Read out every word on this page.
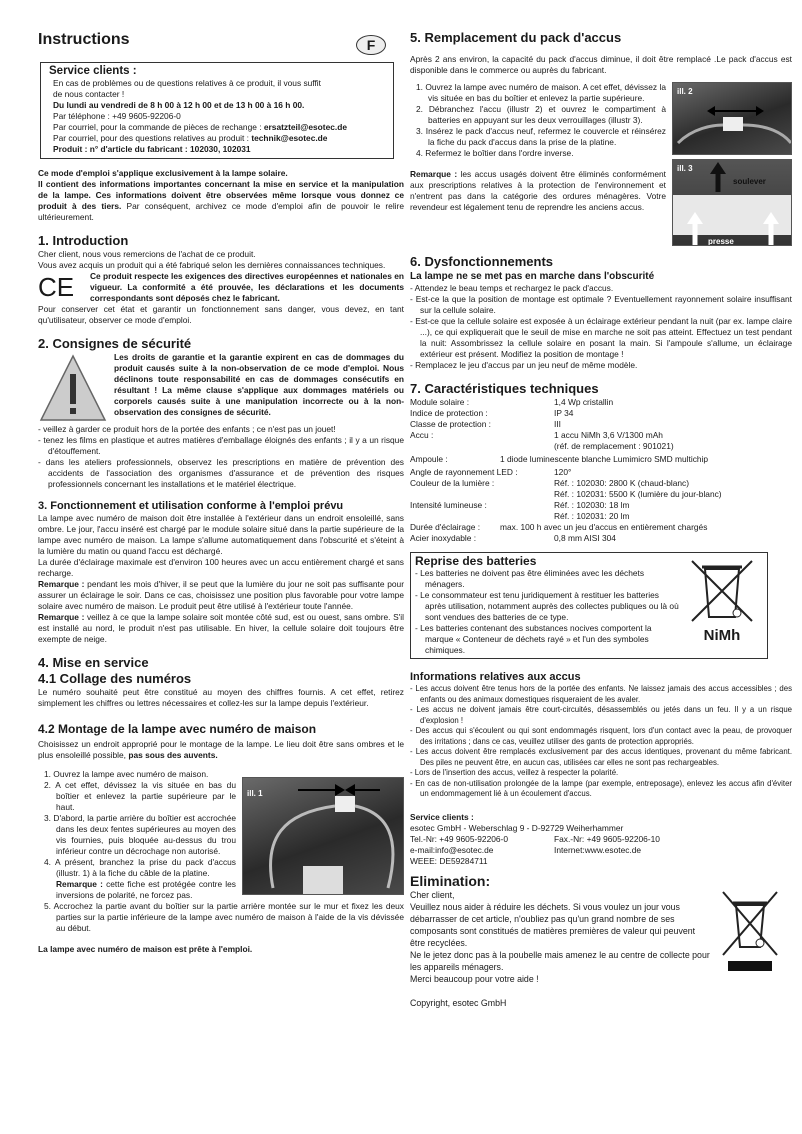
Instructions	F
Service clients :
En cas de problèmes ou de questions relatives à ce produit, il vous suffit
de nous contacter !
Du lundi au vendredi de 8 h 00 à 12 h 00 et de 13 h 00 à 16 h 00.
Par téléphone : +49 9605-92206-0
Par courriel, pour la commande de pièces de rechange : ersatzteil@esotec.de
Par courriel, pour des questions relatives au produit : technik@esotec.de
Produit : n° d'article du fabricant : 102030, 102031
Ce mode d'emploi s'applique exclusivement à la lampe solaire.
Il contient des informations importantes concernant la mise en service et la manipulation de la lampe. Ces informations doivent être observées même lorsque vous donnez ce produit à des tiers. Par conséquent, archivez ce mode d'emploi afin de pouvoir le relire ultérieurement.
1. Introduction
Cher client, nous vous remercions de l'achat de ce produit.
Vous avez acquis un produit qui a été fabriqué selon les dernières connaissances techniques.
CE	Ce produit respecte les exigences des directives européennes et nationales en vigueur. La conformité a été prouvée, les déclarations et les documents correspondants sont déposés chez le fabricant.
Pour conserver cet état et garantir un fonctionnement sans danger, vous devez, en tant qu'utilisateur, observer ce mode d'emploi.
2. Consignes de sécurité
Les droits de garantie et la garantie expirent en cas de dommages du produit causés suite à la non-observation de ce mode d'emploi. Nous déclinons toute responsabilité en cas de dommages consécutifs en résultant ! La même clause s'applique aux dommages matériels ou corporels causés suite à une manipulation incorrecte ou à la non-observation des consignes de sécurité.
- veillez à garder ce produit hors de la portée des enfants ; ce n'est pas un jouet!
- tenez les films en plastique et autres matières d'emballage éloignés des enfants ; il y a un risque d'étouffement.
- dans les ateliers professionnels, observez les prescriptions en matière de prévention des accidents de l'association des organismes d'assurance et de prévention des risques professionnels concernant les installations et le matériel électrique.
3. Fonctionnement et utilisation conforme à l'emploi prévu
La lampe avec numéro de maison doit être installée à l'extérieur dans un endroit ensoleillé, sans ombre. Le jour, l'accu inséré est chargé par le module solaire situé dans la partie supérieure de la lampe avec numéro de maison. La lampe s'allume automatiquement dans l'obscurité et s'éteint à la lumière du matin ou quand l'accu est déchargé.
La durée d'éclairage maximale est d'environ 100 heures avec un accu entièrement chargé et sans recharge.
Remarque : pendant les mois d'hiver, il se peut que la lumière du jour ne soit pas suffisante pour assurer un éclairage le soir. Dans ce cas, choisissez une position plus favorable pour votre lampe solaire avec numéro de maison. Le produit peut être utilisé à l'extérieur toute l'année.
Remarque : veillez à ce que la lampe solaire soit montée côté sud, est ou ouest, sans ombre. S'il est installé au nord, le produit n'est pas utilisable. En hiver, la cellule solaire doit toujours être exempte de neige.
4. Mise en service
4.1 Collage des numéros
Le numéro souhaité peut être constitué au moyen des chiffres fournis. A cet effet, retirez simplement les chiffres ou lettres nécessaires et collez-les sur la lampe depuis l'extérieur.
4.2 Montage de la lampe avec numéro de maison
Choisissez un endroit approprié pour le montage de la lampe. Le lieu doit être sans ombres et le plus ensoleillé possible, pas sous des auvents.
1. Ouvrez la lampe avec numéro de maison.
2. A cet effet, dévissez la vis située en bas du boîtier et enlevez la partie supérieure par le haut.
3. D'abord, la partie arrière du boîtier est accrochée dans les deux fentes supérieures au moyen des vis fournies, puis bloquée au-dessus du trou inférieur contre un décrochage non autorisé.
4. A présent, branchez la prise du pack d'accus (illustr. 1) à la fiche du câble de la platine.
Remarque : cette fiche est protégée contre les inversions de polarité, ne forcez pas.
ill. 1
5. Accrochez la partie avant du boîtier sur la partie arrière montée sur le mur et fixez les deux parties sur la partie inférieure de la lampe avec numéro de maison à l'aide de la vis dévissée au début.
La lampe avec numéro de maison est prête à l'emploi.
5. Remplacement du pack d'accus
Après 2 ans environ, la capacité du pack d'accus diminue, il doit être remplacé .Le pack d'accus est disponible dans le commerce ou auprès du fabricant.
1. Ouvrez la lampe avec numéro de maison. A cet effet, dévissez la vis située en bas du boîtier et enlevez la partie supérieure.
2. Débranchez l'accu (illustr 2) et ouvrez le compartiment à batteries en appuyant sur les deux verrouillages (illustr 3).
3. Insérez le pack d'accus neuf, refermez le couvercle et réinsérez la fiche du pack d'accus dans la prise de la platine.
4. Refermez le boîtier dans l'ordre inverse.
Remarque : les accus usagés doivent être éliminés conformément aux prescriptions relatives à la protection de l'environnement et n'entrent pas dans la catégorie des ordures ménagères. Votre revendeur est légalement tenu de reprendre les anciens accus.
ill. 2
ill. 3
soulever
presse
6. Dysfonctionnements
La lampe ne se met pas en marche dans l'obscurité
- Attendez le beau temps et rechargez le pack d'accus.
- Est-ce la que la position de montage est optimale ? Eventuellement rayonnement solaire insuffisant sur la cellule solaire.
- Est-ce que la cellule solaire est exposée à un éclairage extérieur pendant la nuit (par ex. lampe claire ...), ce qui expliquerait que le seuil de mise en marche ne soit pas atteint. Effectuez un test pendant la nuit: Assombrissez la cellule solaire en posant la main. Si l'ampoule s'allume, un éclairage extérieur est présent. Modifiez la position de montage !
- Remplacez le jeu d'accus par un jeu neuf de même modèle.
7. Caractéristiques techniques
Module solaire :	1,4 Wp cristallin
Indice de protection :	IP 34
Classe de protection :	III
Accu :	1 accu NiMh 3,6 V/1300 mAh
(réf. de remplacement : 901021)
Ampoule :	1 diode luminescente blanche Lumimicro SMD multichip
Angle de rayonnement LED :	120°
Couleur de la lumière :	Réf. : 102030: 2800 K (chaud-blanc)
Réf. : 102031: 5500 K (lumière du jour-blanc)
Intensité lumineuse :	Réf. : 102030: 18 lm
Réf. : 102031: 20 lm
Durée d'éclairage :	max. 100 h avec un jeu d'accus en entièrement chargés
Acier inoxydable :	0,8 mm AISI 304
Reprise des batteries
- Les batteries ne doivent pas être éliminées avec les déchets ménagers.
- Le consommateur est tenu juridiquement à restituer les batteries après utilisation, notamment auprès des collectes publiques ou là où sont vendues des batteries de ce type.
- Les batteries contenant des substances nocives comportent la marque « Conteneur de déchets rayé » et l'un des symboles chimiques.
NiMh
Informations relatives aux accus
- Les accus doivent être tenus hors de la portée des enfants. Ne laissez jamais des accus accessibles ; des enfants ou des animaux domestiques risqueraient de les avaler.
- Les accus ne doivent jamais être court-circuités, désassemblés ou jetés dans un feu. Il y a un risque d'explosion !
- Des accus qui s'écoulent ou qui sont endommagés risquent, lors d'un contact avec la peau, de provoquer des irritations ; dans ce cas, veuillez utiliser des gants de protection appropriés.
- Les accus doivent être remplacés exclusivement par des accus identiques, provenant du même fabricant. Des piles ne peuvent être, en aucun cas, utilisées car elles ne sont pas rechargeables.
- Lors de l'insertion des accus, veillez à respecter la polarité.
- En cas de non-utilisation prolongée de la lampe (par exemple, entreposage), enlevez les accus afin d'éviter un endommagement lié à un écoulement d'accus.
Service clients :
esotec GmbH - Weberschlag 9 - D-92729 Weiherhammer
Tel.-Nr: +49 9605-92206-0	Fax.-Nr: +49 9605-92206-10
e-mail:info@esotec.de	Internet:www.esotec.de
WEEE: DE59284711
Elimination:
Cher client,
Veuillez nous aider à réduire les déchets. Si vous voulez un jour vous débarrasser de cet article, n'oubliez pas qu'un grand nombre de ses composants sont constitués de matières premières de valeur qui peuvent être recyclées.
Ne le jetez donc pas à la poubelle mais amenez le au centre de collecte pour les appareils ménagers.
Merci beaucoup pour votre aide !
Copyright, esotec GmbH
